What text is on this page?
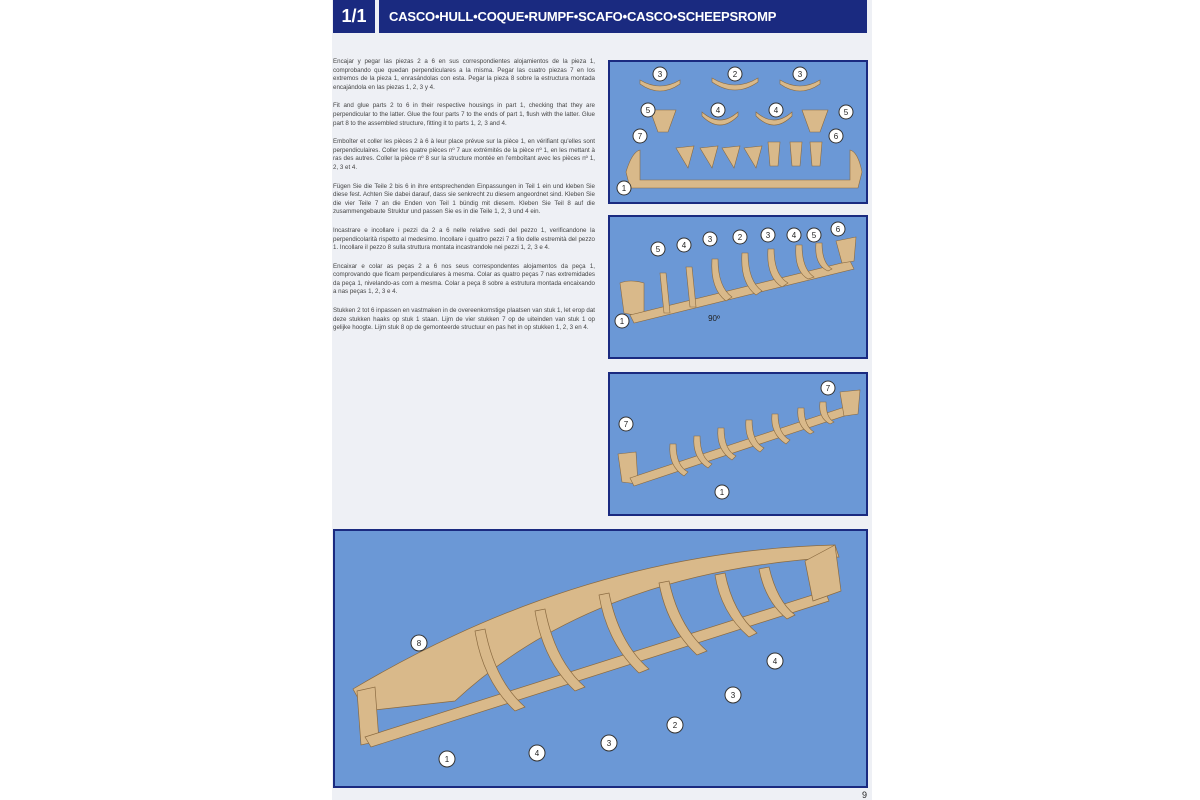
1/1	CASCO•HULL•COQUE•RUMPF•SCAFO•CASCO•SCHEEPSROMP

Encajar y pegar las piezas 2 a 6 en sus correspondientes alojamientos de la pieza 1, comprobando que quedan perpendiculares a la misma. Pegar las cuatro piezas 7 en los extremos de la pieza 1, enrasándolas con esta. Pegar la pieza 8 sobre la estructura montada encajándola en las piezas 1, 2, 3 y 4.

Fit and glue parts 2 to 6 in their respective housings in part 1, checking that they are perpendicular to the latter. Glue the four parts 7 to the ends of part 1, flush with the latter. Glue part 8 to the assembled structure, fitting it to parts 1, 2, 3 and 4.

Emboîter et coller les pièces 2 à 6 à leur place prévue sur la pièce 1, en vérifiant qu'elles sont perpendiculaires. Coller les quatre pièces nº 7 aux extrémités de la pièce nº 1, en les mettant à ras des autres. Coller la pièce nº 8 sur la structure montée en l'emboîtant avec les pièces nº 1, 2, 3 et 4.

Fügen Sie die Teile 2 bis 6 in ihre entsprechenden Einpassungen in Teil 1 ein und kleben Sie diese fest. Achten Sie dabei darauf, dass sie senkrecht zu diesem angeordnet sind. Kleben Sie die vier Teile 7 an die Enden von Teil 1 bündig mit diesem. Kleben Sie Teil 8 auf die zusammengebaute Struktur und passen Sie es in die Teile 1, 2, 3 und 4 ein.

Incastrare e incollare i pezzi da 2 a 6 nelle relative sedi del pezzo 1, verificandone la perpendicolarità rispetto al medesimo. Incollare i quattro pezzi 7 a filo delle estremità del pezzo 1. Incollare il pezzo 8 sulla struttura montata incastrandole nei pezzi 1, 2, 3 e 4.

Encaixar e colar as peças 2 a 6 nos seus correspondentes alojamentos da peça 1, comprovando que ficam perpendiculares à mesma. Colar as quatro peças 7 nas extremidades da peça 1, nivelando-as com a mesma. Colar a peça 8 sobre a estrutura montada encaixando a nas peças 1, 2, 3 e 4.

Stukken 2 tot 6 inpassen en vastmaken in de overeenkomstige plaatsen van stuk 1, let erop dat deze stukken haaks op stuk 1 staan. Lijm de vier stukken 7 op de uiteinden van stuk 1 op gelijke hoogte. Lijm stuk 8 op de gemonteerde structuur en pas het in op stukken 1, 2, 3 en 4.

3	2	3
5	4	4	5
7	6
1
5	4
3	2	3	4 5
6
1	90º
7
7
1
8
4
3
2
1
4
3
9
